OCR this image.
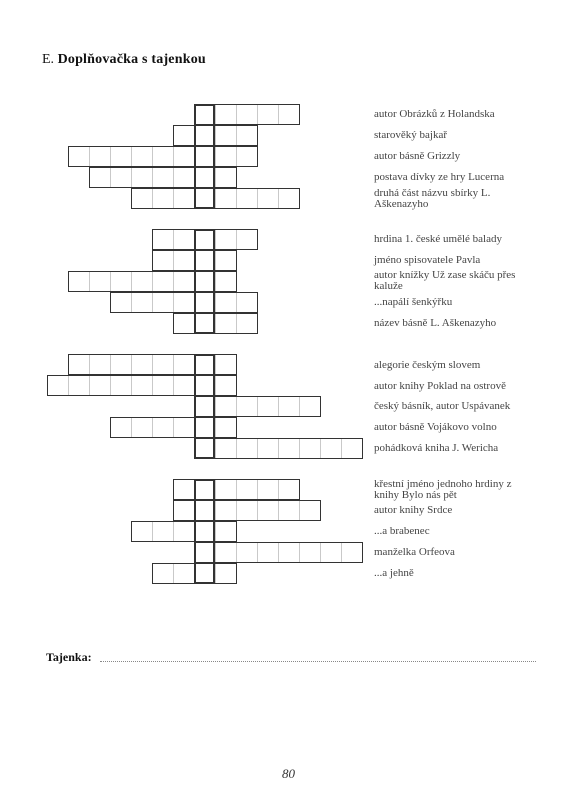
E. Doplňovačka s tajenkou
autor Obrázků z Holandska
starověký bajkař
autor básně Grizzly
postava dívky ze hry Lucerna
druhá část názvu sbírky L. Aškenazyho
hrdina 1. české umělé balady
jméno spisovatele Pavla
autor knížky Už zase skáču přes kaluže
...napálí šenkýřku
název básně L. Aškenazyho
alegorie českým slovem
autor knihy Poklad na ostrově
český básník, autor Uspávanek
autor básně Vojákovo volno
pohádková kniha J. Wericha
křestní jméno jednoho hrdiny z knihy Bylo nás pět
autor knihy Srdce
...a brabenec
manželka Orfeova
...a jehně
Tajenka:
80
